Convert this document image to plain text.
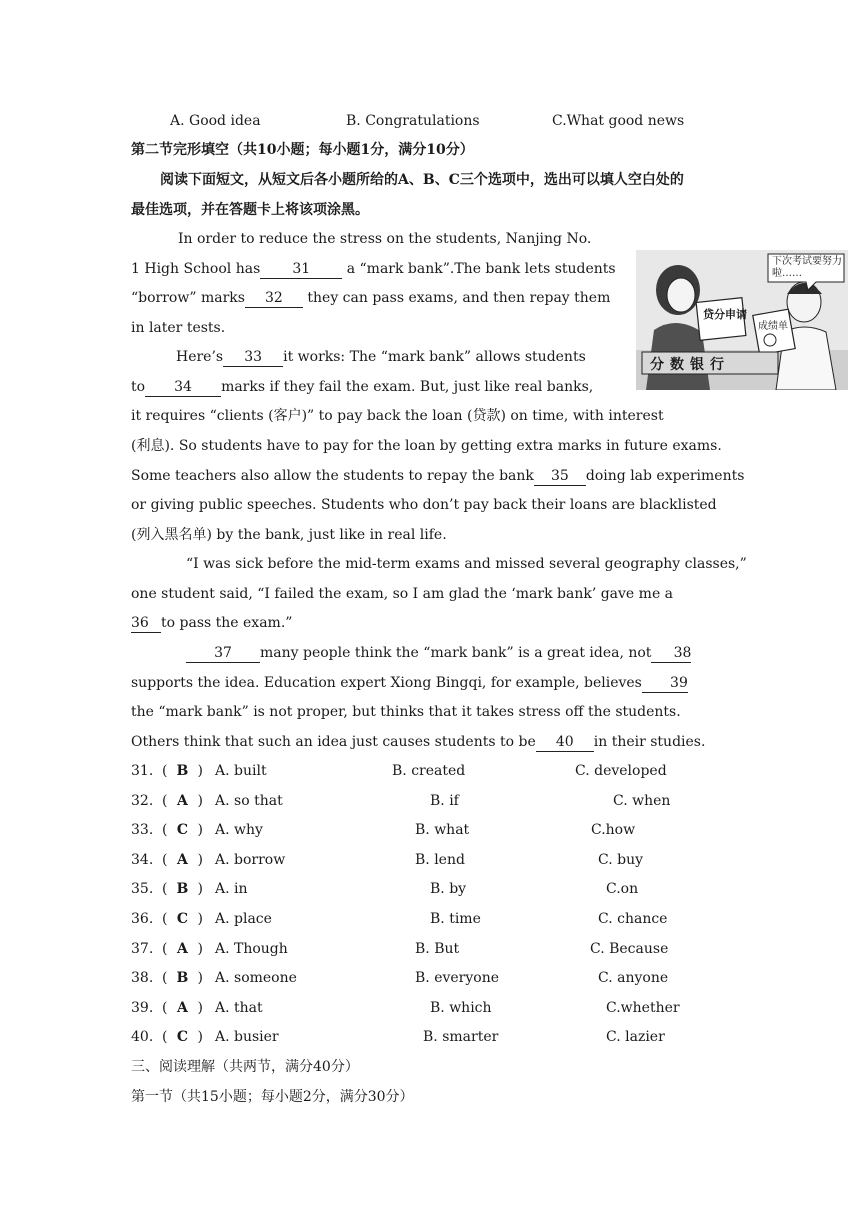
A. Good idea	B. Congratulations	C.What good news
第二节完形填空（共10小题；每小题1分，满分10分）
阅读下面短文，从短文后各小题所给的A、B、C三个选项中，选出可以填人空白处的
最佳选项，并在答题卡上将该项涂黑。
In order to reduce the stress on the students, Nanjing No.
1 High School has 31	a “mark bank”.The bank lets students
“borrow” marks 32 they can pass exams, and then repay them
in later tests.
Here’s 33 it works: The “mark bank” allows students
to 34 marks if they fail the exam. But, just like real banks,
it requires “clients (客户)” to pay back the loan (贷款) on time, with interest
(利息). So students have to pay for the loan by getting extra marks in future exams.
Some teachers also allow the students to repay the bank 35 doing lab experiments
or giving public speeches. Students who don’t pay back their loans are blacklisted
(列入黑名单) by the bank, just like in real life.
“I was sick before the mid-term exams and missed several geography classes,”
one student said, “I failed the exam, so I am glad the ‘mark bank’ gave me a
36 to pass the exam.”
37 many people think the “mark bank” is a great idea, not 38
supports the idea. Education expert Xiong Bingqi, for example, believes 39
the “mark bank” is not proper, but thinks that it takes stress off the students.
Others think that such an idea just causes students to be 40 in their studies.
下次考试要努力啦……
贷分申请
成绩单
分数银行
31. ( B ) A. built	B. created	C. developed
32. ( A ) A. so that	B. if	C. when
33. ( C ) A. why	B. what	C.how
34. ( A ) A. borrow	B. lend	C. buy
35. ( B ) A. in	B. by	C.on
36. ( C ) A. place	B. time	C. chance
37. ( A ) A. Though	B. But	C. Because
38. ( B ) A. someone	B. everyone	C. anyone
39. ( A ) A. that	B. which	C.whether
40. ( C ) A. busier	B. smarter	C. lazier
三、阅读理解（共两节，满分40分）
第一节（共15小题；每小题2分，满分30分）
